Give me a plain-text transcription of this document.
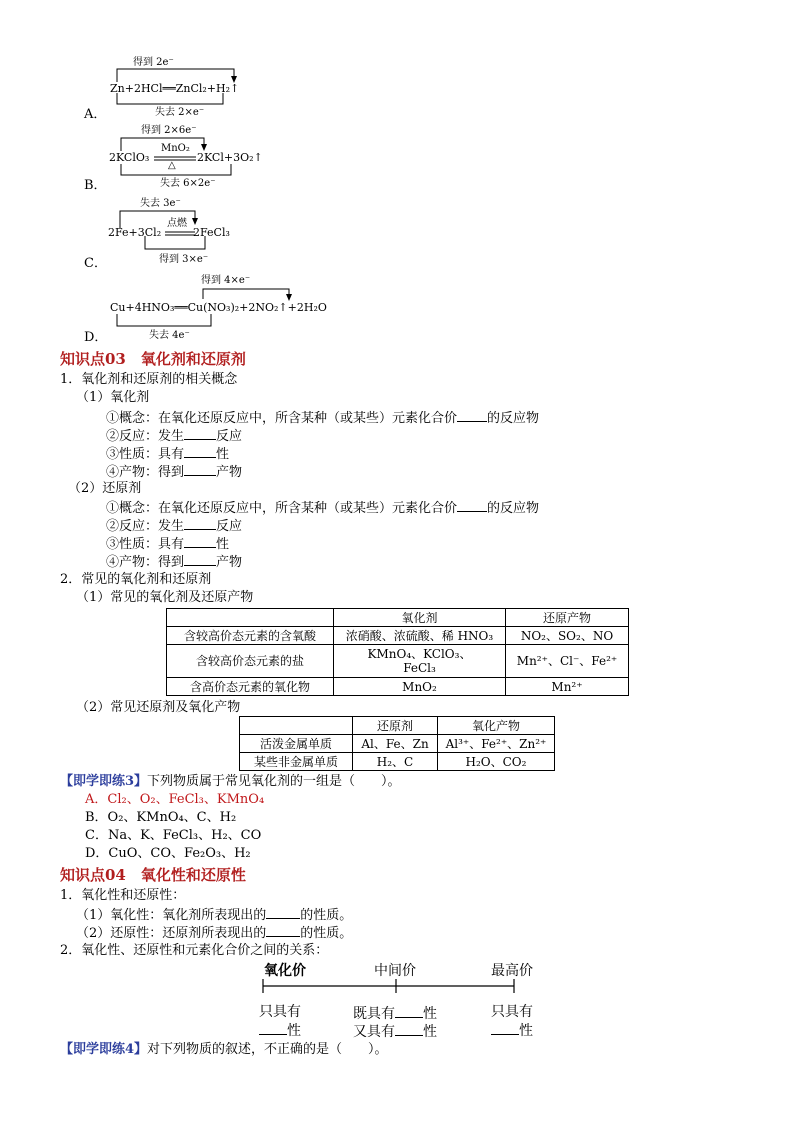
得到 2e⁻
Zn+2HCl══ZnCl₂+H₂↑
失去 2×e⁻
A．
得到 2×6e⁻
MnO₂
△
2KClO₃	2KCl+3O₂↑
失去 6×2e⁻
B．
失去 3e⁻
点燃
2Fe+3Cl₂	2FeCl₃
得到 3×e⁻
C．
得到 4×e⁻
Cu+4HNO₃══Cu(NO₃)₂+2NO₂↑+2H₂O
失去 4e⁻
D．
知识点03　氧化剂和还原剂
1．氧化剂和还原剂的相关概念
（1）氧化剂
①概念：在氧化还原反应中，所含某种（或某些）元素化合价 的反应物
②反应：发生 反应
③性质：具有 性
④产物：得到 产物
（2）还原剂
①概念：在氧化还原反应中，所含某种（或某些）元素化合价 的反应物
②反应：发生 反应
③性质：具有 性
④产物：得到 产物
2．常见的氧化剂和还原剂
（1）常见的氧化剂及还原产物
	氧化剂	还原产物
含较高价态元素的含氧酸	浓硝酸、浓硫酸、稀 HNO₃	NO₂、SO₂、NO
含较高价态元素的盐	KMnO₄、KClO₃、FeCl₃	Mn²⁺、Cl⁻、Fe²⁺
含高价态元素的氧化物	MnO₂	Mn²⁺
（2）常见还原剂及氧化产物
	还原剂	氧化产物
活泼金属单质	Al、Fe、Zn	Al³⁺、Fe²⁺、Zn²⁺
某些非金属单质	H₂、C	H₂O、CO₂
【即学即练3】下列物质属于常见氧化剂的一组是（　　）。
A．Cl₂、O₂、FeCl₃、KMnO₄
B．O₂、KMnO₄、C、H₂
C．Na、K、FeCl₃、H₂、CO
D．CuO、CO、Fe₂O₃、H₂
知识点04　氧化性和还原性
1．氧化性和还原性：
（1）氧化性：氧化剂所表现出的	的性质。
（2）还原性：还原剂所表现出的	的性质。
2．氧化性、还原性和元素化合价之间的关系：
氧化价	中间价	最高价
只具有
性
既具有 性
又具有 性
只具有
性
【即学即练4】对下列物质的叙述，不正确的是（　　）。
